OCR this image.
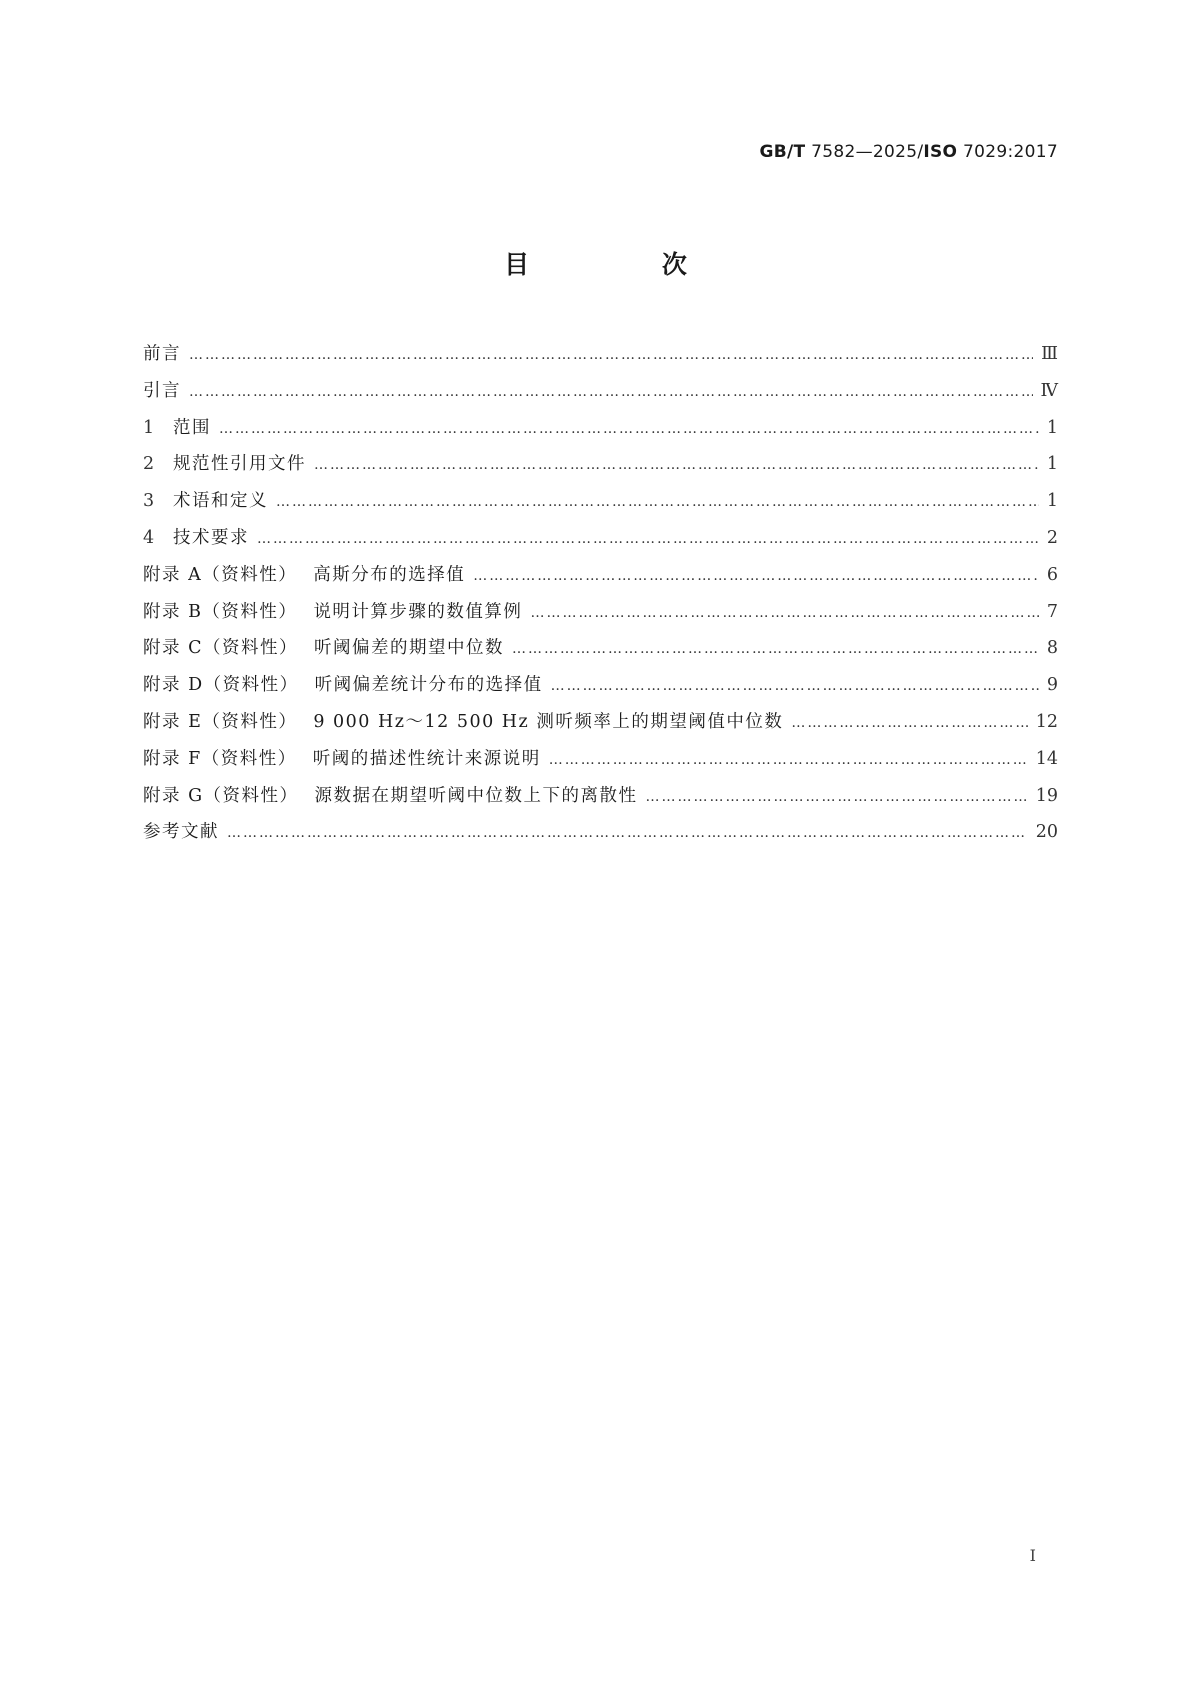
GB/T 7582—2025/ISO 7029:2017
目 次
前言 …………………………………………………………………………………………………………………………………………………………………………………………………………………………………………………………	Ⅲ
引言 …………………………………………………………………………………………………………………………………………………………………………………………………………………………………………………………	Ⅳ
1 范围 …………………………………………………………………………………………………………………………………………………………………………………………………………………………………………………………	1
2 规范性引用文件 …………………………………………………………………………………………………………………………………………………………………………………………………………………………………………………………	1
3 术语和定义 …………………………………………………………………………………………………………………………………………………………………………………………………………………………………………………………	1
4 技术要求 …………………………………………………………………………………………………………………………………………………………………………………………………………………………………………………………	2
附录 A（资料性） 高斯分布的选择值 …………………………………………………………………………………………………………………………………………………………………………………………………………………………………………………………	6
附录 B（资料性） 说明计算步骤的数值算例 …………………………………………………………………………………………………………………………………………………………………………………………………………………………………………………………	7
附录 C（资料性） 听阈偏差的期望中位数 …………………………………………………………………………………………………………………………………………………………………………………………………………………………………………………………	8
附录 D（资料性） 听阈偏差统计分布的选择值 …………………………………………………………………………………………………………………………………………………………………………………………………………………………………………………………	9
附录 E（资料性） 9 000 Hz～12 500 Hz 测听频率上的期望阈值中位数 …………………………………………………………………………………………………………………………………………………………………………………………………………………………………………………………	12
附录 F（资料性） 听阈的描述性统计来源说明 …………………………………………………………………………………………………………………………………………………………………………………………………………………………………………………………	14
附录 G（资料性） 源数据在期望听阈中位数上下的离散性 …………………………………………………………………………………………………………………………………………………………………………………………………………………………………………………………	19
参考文献 …………………………………………………………………………………………………………………………………………………………………………………………………………………………………………………………	20
Ⅰ
